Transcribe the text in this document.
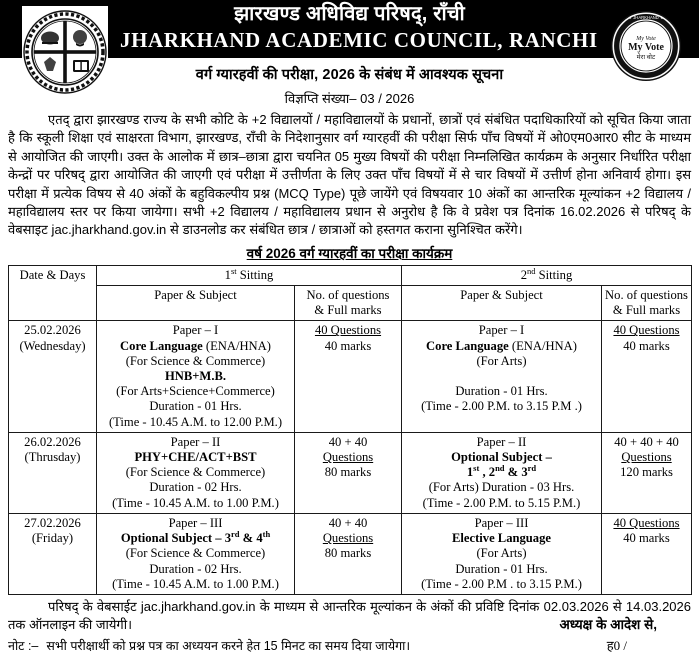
झारखण्ड अधिविद्य परिषद्, राँची
JHARKHAND ACADEMIC COUNCIL, RANCHI
★ JHARKHAND ★
My Vote
My Vote
मेरा वोट
वर्ग ग्यारहवीं की परीक्षा, 2026 के संबंध में आवश्यक सूचना
विज्ञप्ति संख्या– 03 / 2026
एतद् द्वारा झारखण्ड राज्य के सभी कोटि के +2 विद्यालयों / महाविद्यालयों के प्रधानों, छात्रों एवं संबंधित पदाधिकारियों को सूचित किया जाता है कि स्कूली शिक्षा एवं साक्षरता विभाग, झारखण्ड, राँची के निदेशानुसार वर्ग ग्यारहवीं की परीक्षा सिर्फ पाँच विषयों में ओ0एम0आर0 सीट के माध्यम से आयोजित की जाएगी। उक्त के आलोक में छात्र–छात्रा द्वारा चयनित 05 मुख्य विषयों की परीक्षा निम्नलिखित कार्यक्रम के अनुसार निर्धारित परीक्षा केन्द्रों पर परिषद् द्वारा आयोजित की जाएगी एवं परीक्षा में उत्तीर्णता के लिए उक्त पाँच विषयों में से चार विषयों में उत्तीर्ण होना अनिवार्य होगा। इस परीक्षा में प्रत्येक विषय से 40 अंकों के बहुविकल्पीय प्रश्न (MCQ Type) पूछे जायेंगे एवं विषयवार 10 अंकों का आन्तरिक मूल्यांकन +2 विद्यालय / महाविद्यालय स्तर पर किया जायेगा। सभी +2 विद्यालय / महाविद्यालय प्रधान से अनुरोध है कि वे प्रवेश पत्र दिनांक 16.02.2026 से परिषद् के वेबसाइट jac.jharkhand.gov.in से डाउनलोड कर संबंधित छात्र / छात्राओं को हस्तगत कराना सुनिश्चित करेंगे।
वर्ष 2026 वर्ग ग्यारहवीं का परीक्षा कार्यक्रम
Date & Days	1st Sitting		2nd Sitting	
	Paper & Subject	No. of questions
& Full marks	Paper & Subject	No. of questions
& Full marks
25.02.2026
(Wednesday)	Paper – I
Core Language (ENA/HNA)
(For Science & Commerce)
HNB+M.B.
(For Arts+Science+Commerce)
Duration - 01 Hrs.
(Time - 10.45 A.M. to 12.00 P.M.)	40 Questions
40 marks	Paper – I
Core Language (ENA/HNA)
(For Arts)
Duration - 01 Hrs.
(Time - 2.00 P.M. to 3.15 P.M .)	40 Questions
40 marks
26.02.2026
(Thrusday)	Paper – II
PHY+CHE/ACT+BST
(For Science & Commerce)
Duration - 02 Hrs.
(Time - 10.45 A.M. to 1.00 P.M.)	40 + 40
Questions
80 marks	Paper – II
Optional Subject –
1st , 2nd & 3rd
(For Arts) Duration - 03 Hrs.
(Time - 2.00 P.M. to 5.15 P.M.)	40 + 40 + 40
Questions
120 marks
27.02.2026
(Friday)	Paper – III
Optional Subject – 3rd & 4th
(For Science & Commerce)
Duration - 02 Hrs.
(Time - 10.45 A.M. to 1.00 P.M.)	40 + 40
Questions
80 marks	Paper – III
Elective Language
(For Arts)
Duration - 01 Hrs.
(Time - 2.00 P.M . to 3.15 P.M.)	40 Questions
40 marks
परिषद् के वेबसाईट jac.jharkhand.gov.in के माध्यम से आन्तरिक मूल्यांकन के अंकों की प्रविष्टि दिनांक 02.03.2026 से 14.03.2026 तक ऑनलाइन की जायेगी।	अध्यक्ष के आदेश से,
ह0 /
नोट :– सभी परीक्षार्थी को प्रश्न पत्र का अध्ययन करने हेत 15 मिनट का समय दिया जायेगा।
